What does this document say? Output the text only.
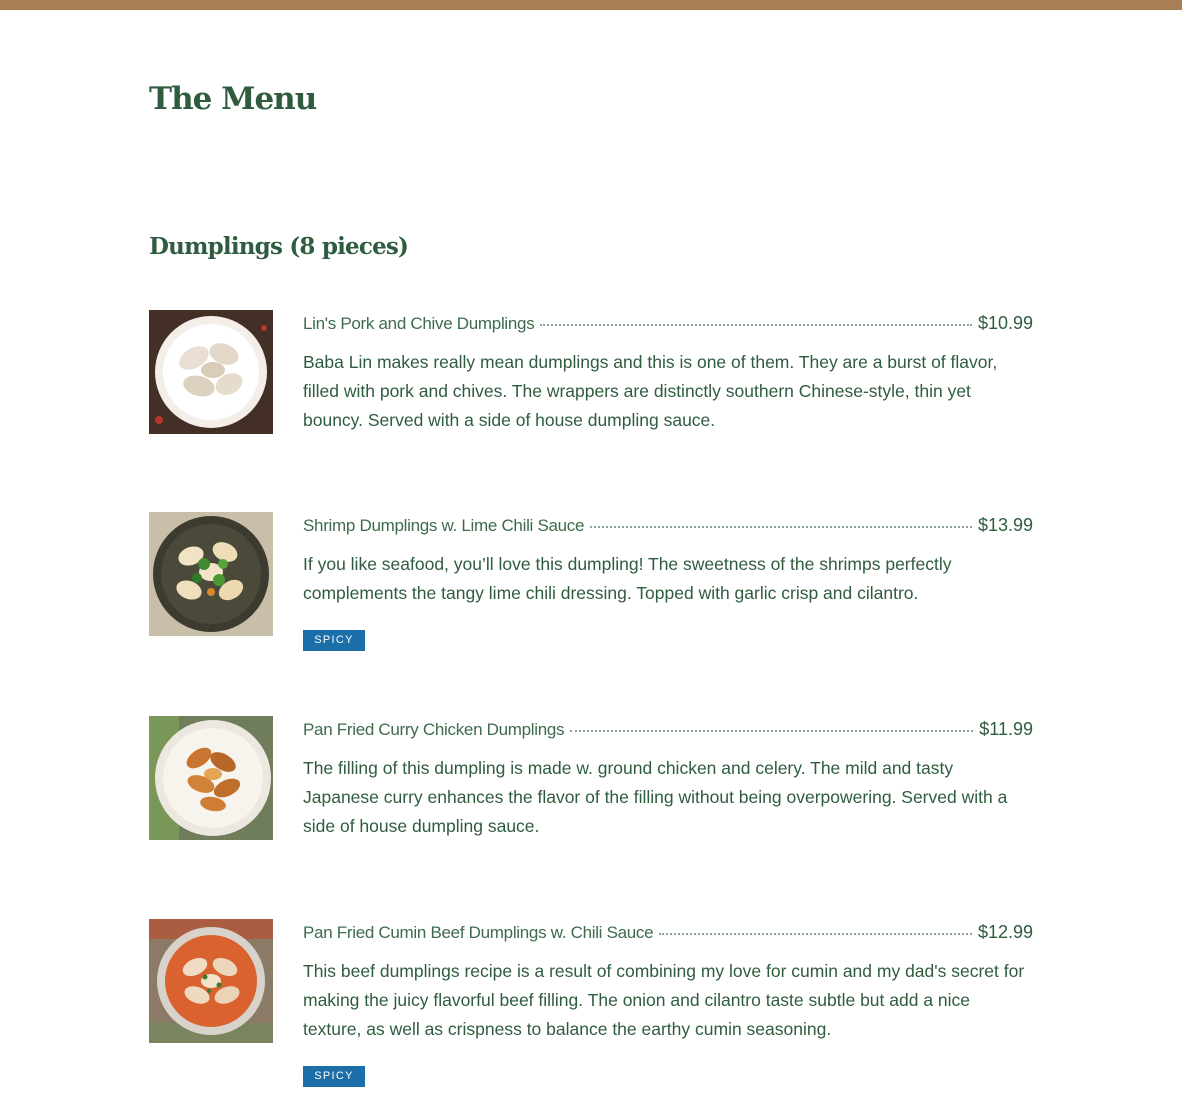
The Menu
Dumplings (8 pieces)
Lin's Pork and Chive Dumplings	$10.99

Baba Lin makes really mean dumplings and this is one of them. They are a burst of flavor, filled with pork and chives. The wrappers are distinctly southern Chinese-style, thin yet bouncy. Served with a side of house dumpling sauce.

Shrimp Dumplings w. Lime Chili Sauce	$13.99

If you like seafood, you’ll love this dumpling! The sweetness of the shrimps perfectly complements the tangy lime chili dressing. Topped with garlic crisp and cilantro.

SPICY
Pan Fried Curry Chicken Dumplings	$11.99

The filling of this dumpling is made w. ground chicken and celery. The mild and tasty Japanese curry enhances the flavor of the filling without being overpowering. Served with a side of house dumpling sauce.

Pan Fried Cumin Beef Dumplings w. Chili Sauce	$12.99

This beef dumplings recipe is a result of combining my love for cumin and my dad's secret for making the juicy flavorful beef filling. The onion and cilantro taste subtle but add a nice texture, as well as crispness to balance the earthy cumin seasoning.

SPICY
